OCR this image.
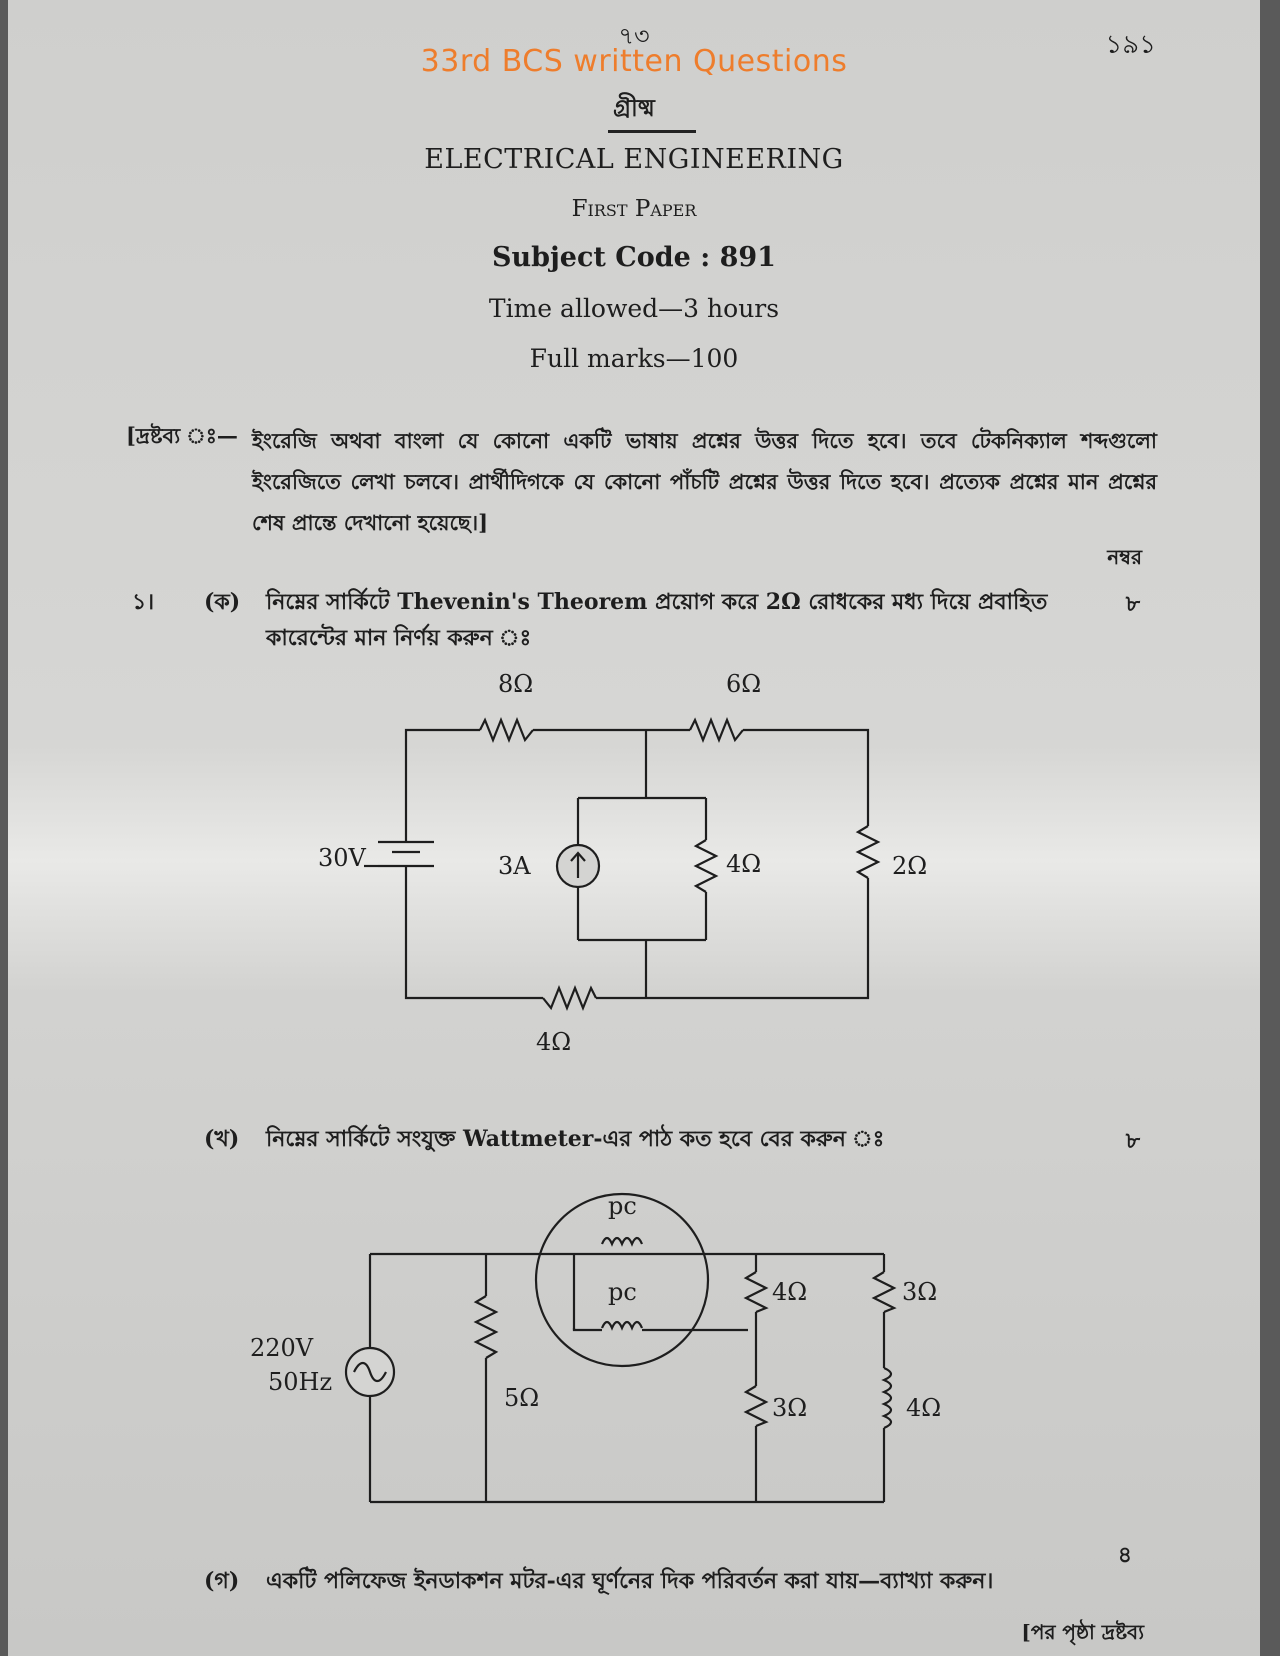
৭৩	১৯১
33rd BCS written Questions
গ্রীষ্ম
ELECTRICAL ENGINEERING
First Paper
Subject Code : 891
Time allowed—3 hours
Full marks—100
[দ্রষ্টব্য ঃ— ইংরেজি অথবা বাংলা যে কোনো একটি ভাষায় প্রশ্নের উত্তর দিতে হবে। তবে টেকনিক্যাল শব্দগুলো ইংরেজিতে লেখা চলবে। প্রার্থীদিগকে যে কোনো পাঁচটি প্রশ্নের উত্তর দিতে হবে। প্রত্যেক প্রশ্নের মান প্রশ্নের শেষ প্রান্তে দেখানো হয়েছে।]
নম্বর
১। (ক) নিম্নের সার্কিটে Thevenin's Theorem প্রয়োগ করে 2Ω রোধকের মধ্য দিয়ে প্রবাহিত কারেন্টের মান নির্ণয় করুন ঃ
৮
(খ) নিম্নের সার্কিটে সংযুক্ত Wattmeter-এর পাঠ কত হবে বের করুন ঃ	৮
(গ) একটি পলিফেজ ইনডাকশন মটর-এর ঘূর্ণনের দিক পরিবর্তন করা যায়—ব্যাখ্যা করুন।
৪
[পর পৃষ্ঠা দ্রষ্টব্য
8Ω	6Ω
30V	3A	4Ω	2Ω
4Ω
pc
pc
220V
50Hz
5Ω
4Ω	3Ω
3Ω	4Ω
